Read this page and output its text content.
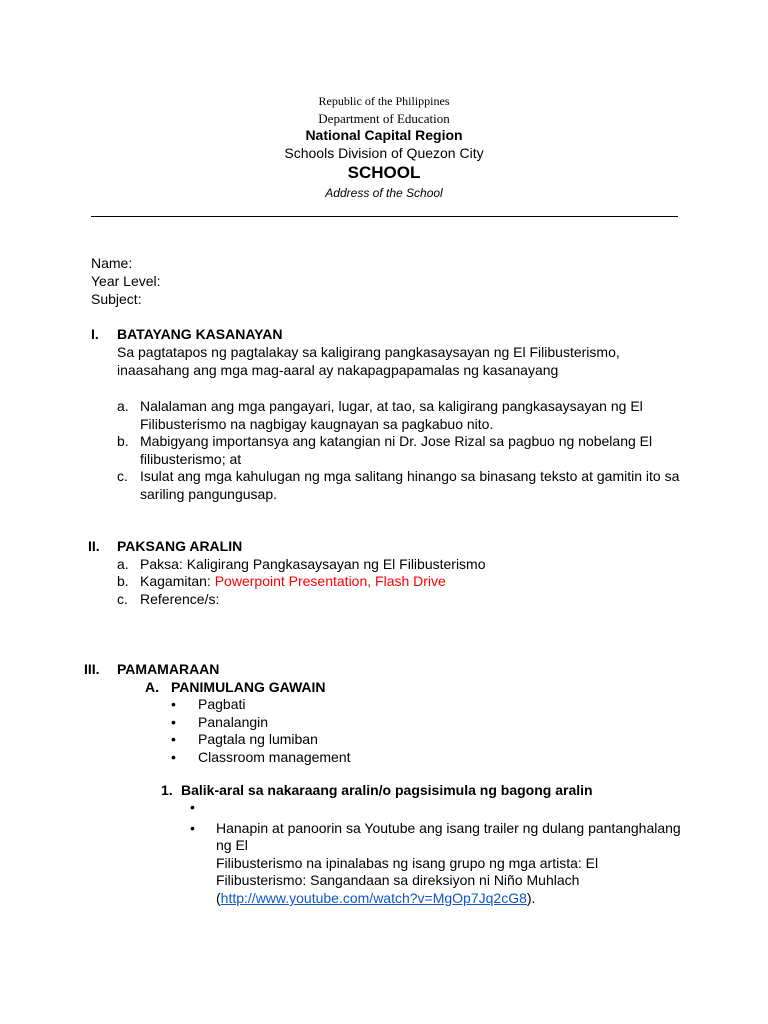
Republic of the Philippines
Department of Education
National Capital Region
Schools Division of Quezon City
SCHOOL
Address of the School
Name:
Year Level:
Subject:
I. BATAYANG KASANAYAN
Sa pagtatapos ng pagtalakay sa kaligirang pangkasaysayan ng El Filibusterismo,
inaasahang ang mga mag-aaral ay nakapagpapamalas ng kasanayang
a. Nalalaman ang mga pangayari, lugar, at tao, sa kaligirang pangkasaysayan ng El
Filibusterismo na nagbigay kaugnayan sa pagkabuo nito.
b. Mabigyang importansya ang katangian ni Dr. Jose Rizal sa pagbuo ng nobelang El
filibusterismo; at
c. Isulat ang mga kahulugan ng mga salitang hinango sa binasang teksto at gamitin ito sa
sariling pangungusap.
II. PAKSANG ARALIN
a. Paksa: Kaligirang Pangkasaysayan ng El Filibusterismo
b. Kagamitan: Powerpoint Presentation, Flash Drive
c. Reference/s:
III. PAMAMARAAN
A. PANIMULANG GAWAIN
• Pagbati
• Panalangin
• Pagtala ng lumiban
• Classroom management
1. Balik-aral sa nakaraang aralin/o pagsisimula ng bagong aralin
•
• Hanapin at panoorin sa Youtube ang isang trailer ng dulang pantanghalang
ng El
Filibusterismo na ipinalabas ng isang grupo ng mga artista: El
Filibusterismo: Sangandaan sa direksiyon ni Niño Muhlach
(http://www.youtube.com/watch?v=MgOp7Jq2cG8).
